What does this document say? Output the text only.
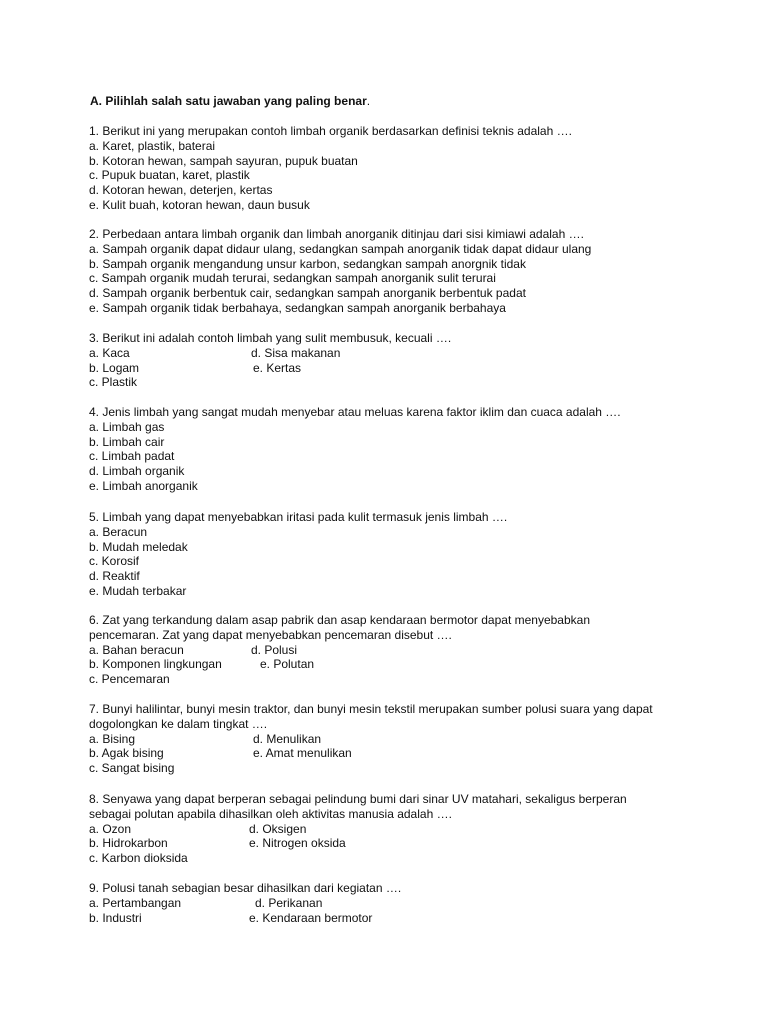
A. Pilihlah salah satu jawaban yang paling benar.
1. Berikut ini yang merupakan contoh limbah organik berdasarkan definisi teknis adalah ….
a. Karet, plastik, baterai
b. Kotoran hewan, sampah sayuran, pupuk buatan
c. Pupuk buatan, karet, plastik
d. Kotoran hewan, deterjen, kertas
e. Kulit buah, kotoran hewan, daun busuk
2. Perbedaan antara limbah organik dan limbah anorganik ditinjau dari sisi kimiawi adalah ….
a. Sampah organik dapat didaur ulang, sedangkan sampah anorganik tidak dapat didaur ulang
b. Sampah organik mengandung unsur karbon, sedangkan sampah anorgnik tidak
c. Sampah organik mudah terurai, sedangkan sampah anorganik sulit terurai
d. Sampah organik berbentuk cair, sedangkan sampah anorganik berbentuk padat
e. Sampah organik tidak berbahaya, sedangkan sampah anorganik berbahaya
3. Berikut ini adalah contoh limbah yang sulit membusuk, kecuali ….
a. Kaca	d. Sisa makanan
b. Logam	e. Kertas
c. Plastik
4. Jenis limbah yang sangat mudah menyebar atau meluas karena faktor iklim dan cuaca adalah ….
a. Limbah gas
b. Limbah cair
c. Limbah padat
d. Limbah organik
e. Limbah anorganik
5. Limbah yang dapat menyebabkan iritasi pada kulit termasuk jenis limbah ….
a. Beracun
b. Mudah meledak
c. Korosif
d. Reaktif
e. Mudah terbakar
6. Zat yang terkandung dalam asap pabrik dan asap kendaraan bermotor dapat menyebabkan pencemaran. Zat yang dapat menyebabkan pencemaran disebut ….
a. Bahan beracun	d. Polusi
b. Komponen lingkungan	e. Polutan
c. Pencemaran
7. Bunyi halilintar, bunyi mesin traktor, dan bunyi mesin tekstil merupakan sumber polusi suara yang dapat dogolongkan ke dalam tingkat ….
a. Bising	d. Menulikan
b. Agak bising	e. Amat menulikan
c. Sangat bising
8. Senyawa yang dapat berperan sebagai pelindung bumi dari sinar UV matahari, sekaligus berperan sebagai polutan apabila dihasilkan oleh aktivitas manusia adalah ….
a. Ozon	d. Oksigen
b. Hidrokarbon	e. Nitrogen oksida
c. Karbon dioksida
9. Polusi tanah sebagian besar dihasilkan dari kegiatan ….
a. Pertambangan	d. Perikanan
b. Industri	e. Kendaraan bermotor
